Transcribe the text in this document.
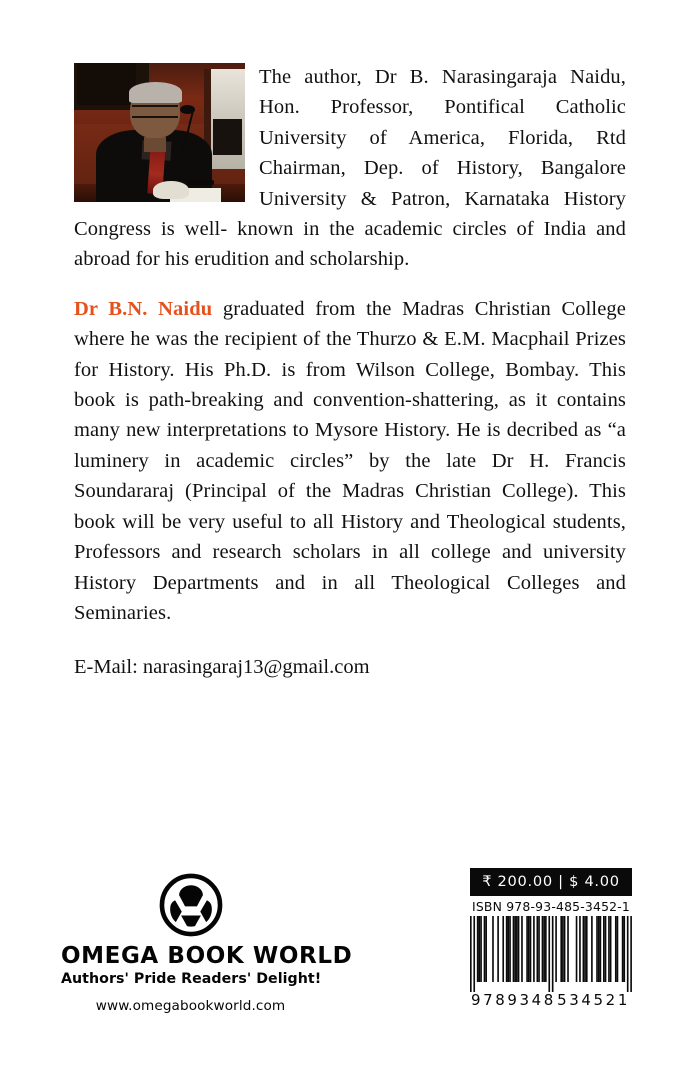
The author, Dr B. Narasingaraja Naidu, Hon. Professor, Pontifical Catholic University of America, Florida, Rtd Chairman, Dep. of History, Bangalore University & Patron, Karnataka History Congress is well- known in the academic circles of India and abroad for his erudition and scholarship.

Dr B.N. Naidu graduated from the Madras Christian College where he was the recipient of the Thurzo & E.M. Macphail Prizes for History. His Ph.D. is from Wilson College, Bombay. This book is path-breaking and convention-shattering, as it contains many new interpretations to Mysore History. He is decribed as “a luminery in academic circles” by the late Dr H. Francis Soundararaj (Principal of the Madras Christian College). This book will be very useful to all History and Theological students, Professors and research scholars in all college and university History Departments and in all Theological Colleges and Seminaries.

E-Mail: narasingaraj13@gmail.com

OMEGA BOOK WORLD
Authors' Pride Readers' Delight!
www.omegabookworld.com
₹ 200.00 | $ 4.00
ISBN 978-93-485-3452-1
9 789348 534521
